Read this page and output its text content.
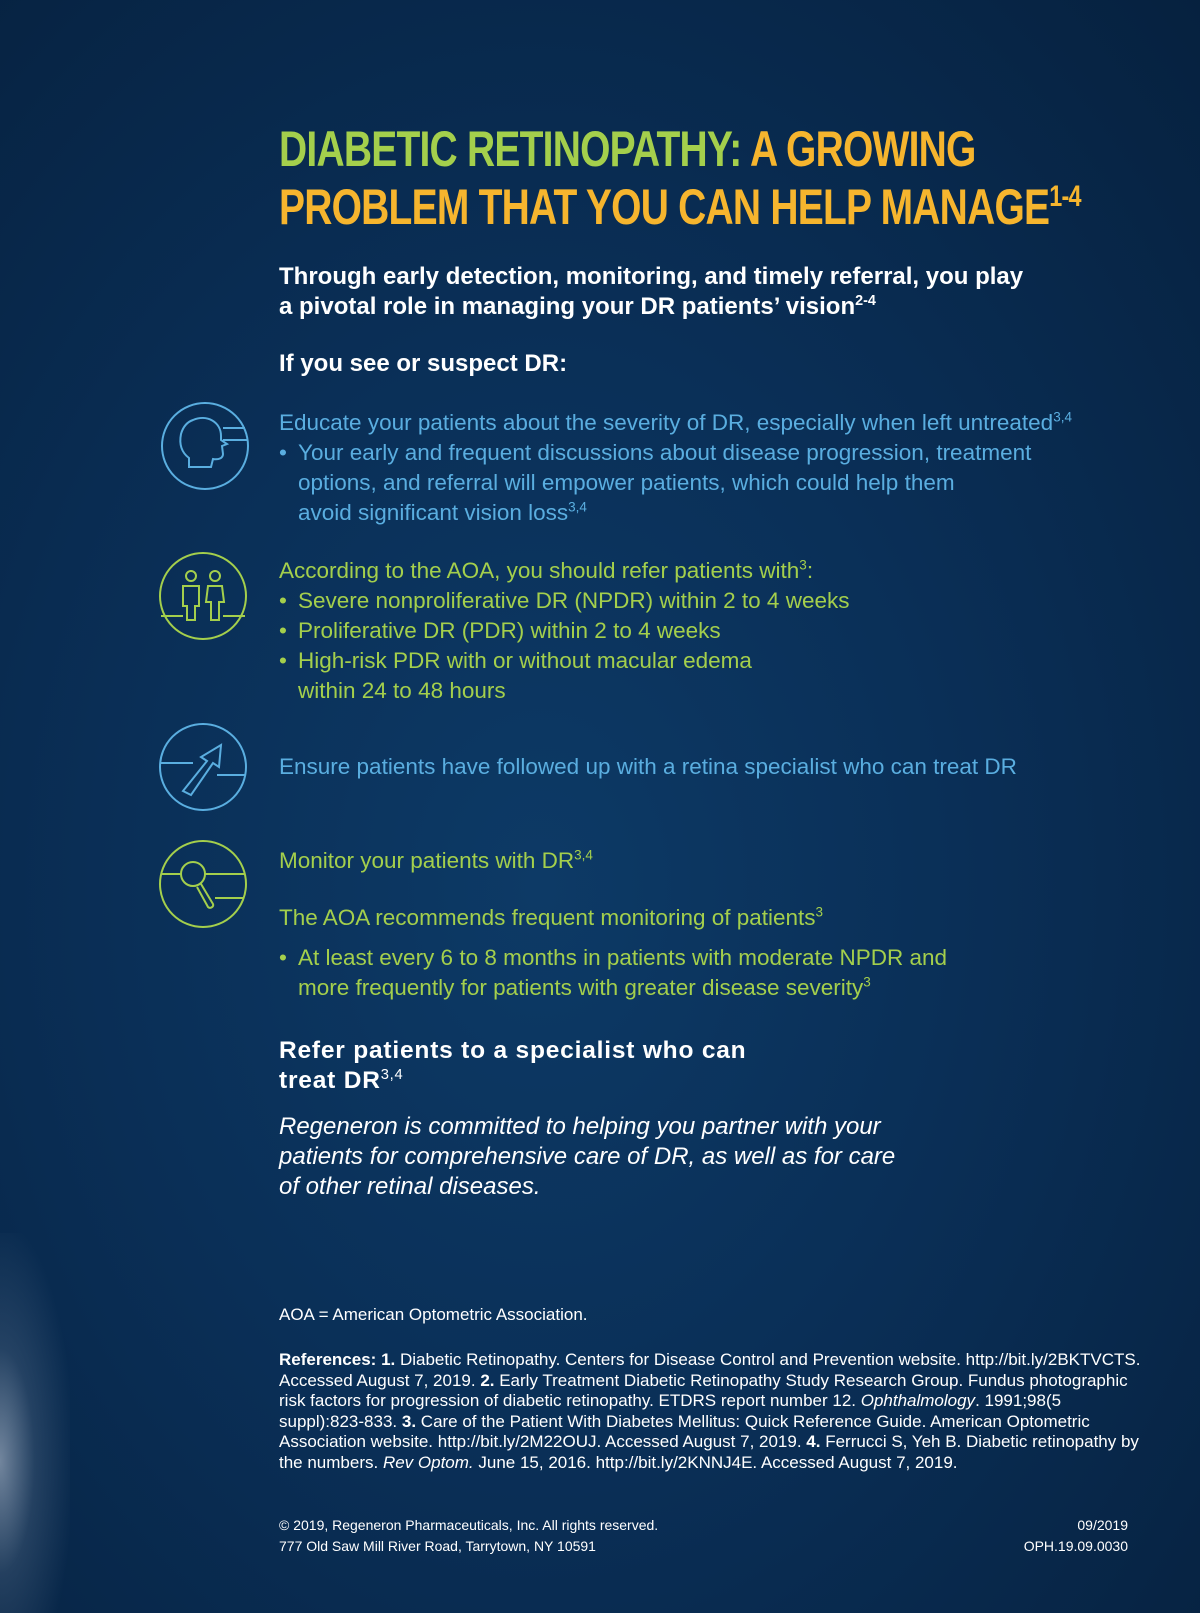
DIABETIC RETINOPATHY: A GROWING
PROBLEM THAT YOU CAN HELP MANAGE$^{1-4}$
Through early detection, monitoring, and timely referral, you play
a pivotal role in managing your DR patients’ vision$^{2-4}$
If you see or suspect DR:
Educate your patients about the severity of DR, especially when left untreated$^{3,4}$
• Your early and frequent discussions about disease progression, treatment
options, and referral will empower patients, which could help them
avoid significant vision loss$^{3,4}$
According to the AOA, you should refer patients with$^3$:
• Severe nonproliferative DR (NPDR) within 2 to 4 weeks
• Proliferative DR (PDR) within 2 to 4 weeks
• High-risk PDR with or without macular edema
within 24 to 48 hours
Ensure patients have followed up with a retina specialist who can treat DR
Monitor your patients with DR$^{3,4}$
The AOA recommends frequent monitoring of patients$^3$
• At least every 6 to 8 months in patients with moderate NPDR and
more frequently for patients with greater disease severity$^3$
Refer patients to a specialist who can
treat DR$^{3,4}$
Regeneron is committed to helping you partner with your
patients for comprehensive care of DR, as well as for care
of other retinal diseases.
AOA = American Optometric Association.
References: 1. Diabetic Retinopathy. Centers for Disease Control and Prevention website. http://bit.ly/2BKTVCTS. Accessed August 7, 2019. 2. Early Treatment Diabetic Retinopathy Study Research Group. Fundus photographic risk factors for progression of diabetic retinopathy. ETDRS report number 12. Ophthalmology. 1991;98(5 suppl):823-833. 3. Care of the Patient With Diabetes Mellitus: Quick Reference Guide. American Optometric Association website. http://bit.ly/2M22OUJ. Accessed August 7, 2019. 4. Ferrucci S, Yeh B. Diabetic retinopathy by the numbers. Rev Optom. June 15, 2016. http://bit.ly/2KNNJ4E. Accessed August 7, 2019.
© 2019, Regeneron Pharmaceuticals, Inc. All rights reserved.
777 Old Saw Mill River Road, Tarrytown, NY 10591
09/2019
OPH.19.09.0030
